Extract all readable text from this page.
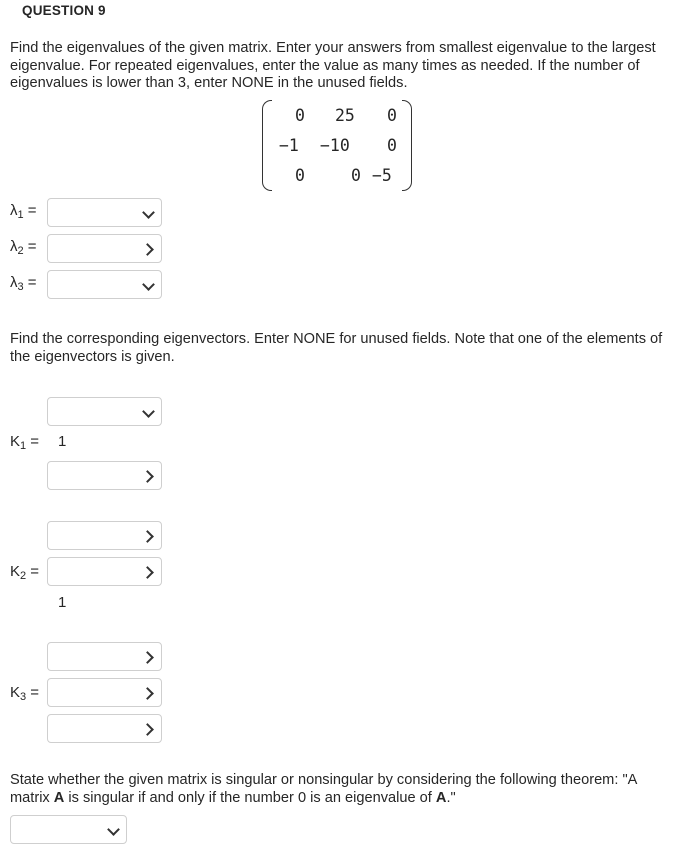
QUESTION 9
Find the eigenvalues of the given matrix. Enter your answers from smallest eigenvalue to the largest eigenvalue. For repeated eigenvalues, enter the value as many times as needed. If the number of eigenvalues is lower than 3, enter NONE in the unused fields.
0 25 0
−1 −10 0
0	0 −5
$\lambda_1$ =
$\lambda_2$ =
$\lambda_3$ =
Find the corresponding eigenvectors. Enter NONE for unused fields. Note that one of the elements of the eigenvectors is given.
$K_1 = 1$
$K_2$ =
1
$K_3$ =
State whether the given matrix is singular or nonsingular by considering the following theorem: "A matrix A is singular if and only if the number 0 is an eigenvalue of A."
